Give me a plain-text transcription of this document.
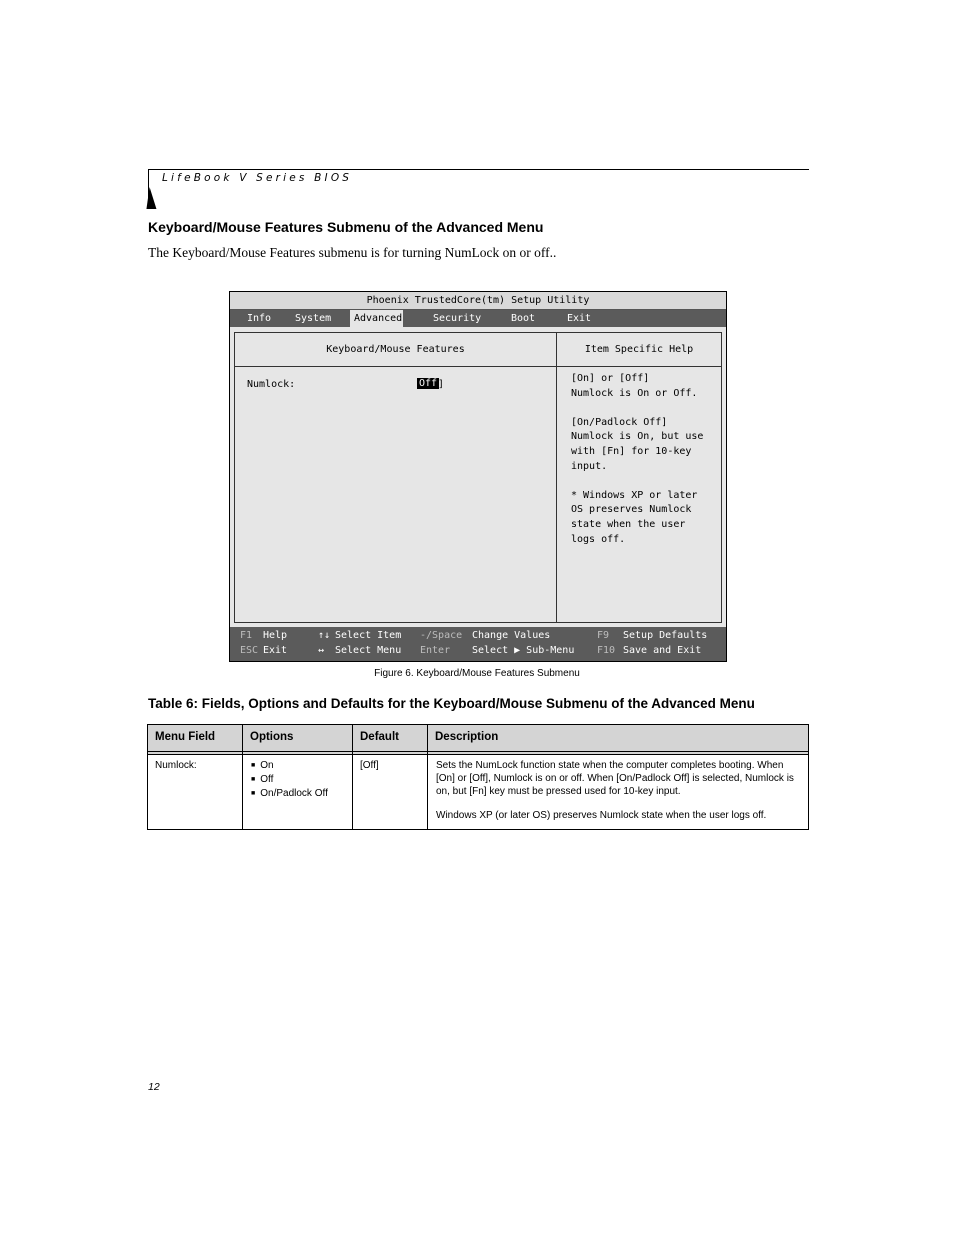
LifeBook V Series BIOS
Keyboard/Mouse Features Submenu of the Advanced Menu
The Keyboard/Mouse Features submenu is for turning NumLock on or off..
Phoenix TrustedCore(tm) Setup Utility
Info	System	Advanced	Security	Boot	Exit
Keyboard/Mouse Features	Item Specific Help
Numlock:	Off ]
[On] or [Off]
Numlock is On or Off.

[On/Padlock Off]
Numlock is On, but use
with [Fn] for 10-key
input.

* Windows XP or later
OS preserves Numlock
state when the user
logs off.
F1 Help
ESC Exit
↑↓ Select Item
↔ Select Menu
-/Space Change Values
Enter Select ▶ Sub-Menu
F9 Setup Defaults
F10 Save and Exit
Figure 6. Keyboard/Mouse Features Submenu
Table 6: Fields, Options and Defaults for the Keyboard/Mouse Submenu of the Advanced Menu
Menu Field	Options	Default	Description
Numlock:
■	On
■ Off
■ On/Padlock Off
[Off]	Sets the NumLock function state when the computer completes booting. When [On] or [Off], Numlock is on or off. When [On/Padlock Off] is selected, Numlock is on, but [Fn] key must be pressed used for 10-key input.

Windows XP (or later OS) preserves Numlock state when the user logs off.

12
